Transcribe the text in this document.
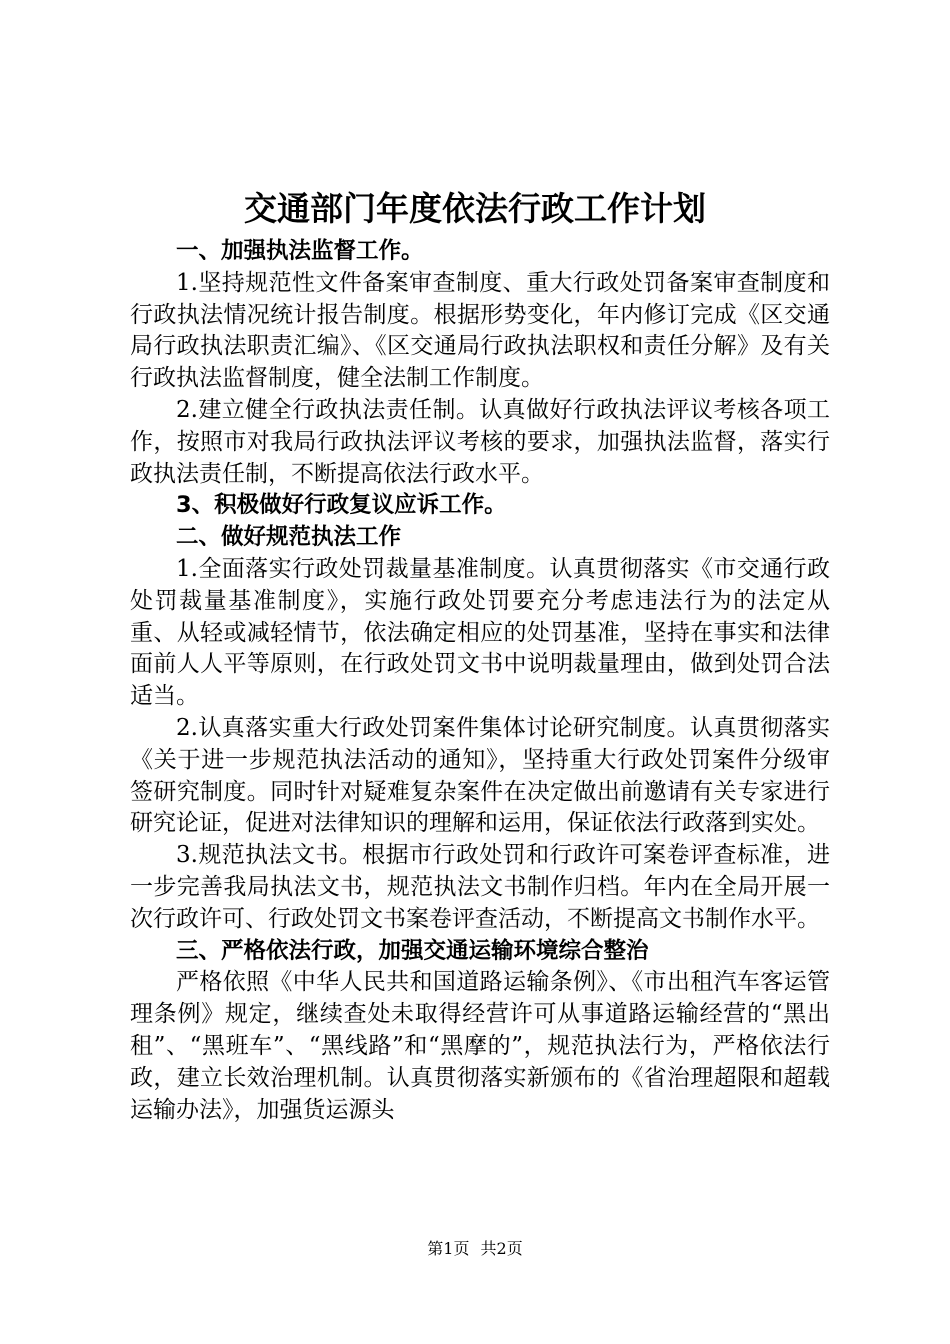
交通部门年度依法行政工作计划

一、加强执法监督工作。

1.坚持规范性文件备案审查制度、重大行政处罚备案审查制度和行政执法情况统计报告制度。根据形势变化，年内修订完成《区交通局行政执法职责汇编》、《区交通局行政执法职权和责任分解》及有关行政执法监督制度，健全法制工作制度。

2.建立健全行政执法责任制。认真做好行政执法评议考核各项工作，按照市对我局行政执法评议考核的要求，加强执法监督，落实行政执法责任制，不断提高依法行政水平。

3、积极做好行政复议应诉工作。

二、做好规范执法工作

1.全面落实行政处罚裁量基准制度。认真贯彻落实《市交通行政处罚裁量基准制度》，实施行政处罚要充分考虑违法行为的法定从重、从轻或减轻情节，依法确定相应的处罚基准，坚持在事实和法律面前人人平等原则，在行政处罚文书中说明裁量理由，做到处罚合法适当。

2.认真落实重大行政处罚案件集体讨论研究制度。认真贯彻落实《关于进一步规范执法活动的通知》，坚持重大行政处罚案件分级审签研究制度。同时针对疑难复杂案件在决定做出前邀请有关专家进行研究论证，促进对法律知识的理解和运用，保证依法行政落到实处。

3.规范执法文书。根据市行政处罚和行政许可案卷评查标准，进一步完善我局执法文书，规范执法文书制作归档。年内在全局开展一次行政许可、行政处罚文书案卷评查活动，不断提高文书制作水平。

三、严格依法行政，加强交通运输环境综合整治

严格依照《中华人民共和国道路运输条例》、《市出租汽车客运管理条例》规定，继续查处未取得经营许可从事道路运输经营的“黑出租”、“黑班车”、“黑线路”和“黑摩的”，规范执法行为，严格依法行政，建立长效治理机制。认真贯彻落实新颁布的《省治理超限和超载运输办法》，加强货运源头

第1页 共2页
